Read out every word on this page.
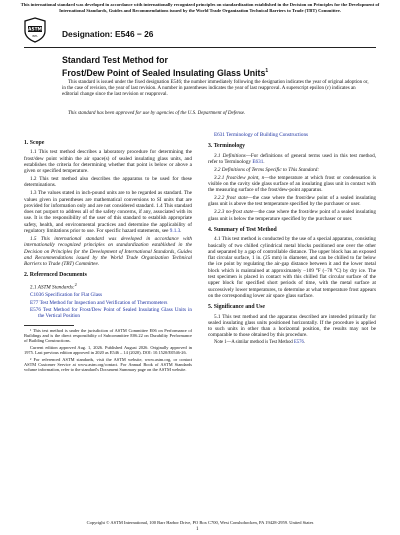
This international standard was developed in accordance with internationally recognized principles on standardization established in the Decision on Principles for the Development of International Standards, Guides and Recommendations issued by the World Trade Organization Technical Barriers to Trade (TBT) Committee.
ASTM
INTL	Designation: E546 − 26
Standard Test Method for
Frost/Dew Point of Sealed Insulating Glass Units$^1$
This standard is issued under the fixed designation E546; the number immediately following the designation indicates the year of original adoption or, in the case of revision, the year of last revision. A number in parentheses indicates the year of last reapproval. A superscript epsilon (ε) indicates an editorial change since the last revision or reapproval.
This standard has been approved for use by agencies of the U.S. Department of Defense.
1. Scope

1.1 This test method describes a laboratory procedure for determining the frost/dew point within the air space(s) of sealed insulating glass units, and establishes the criteria for determining whether that point is below or above a given or specified temperature.

1.2 This test method also describes the apparatus to be used for these determinations.

1.3 The values stated in inch-pound units are to be regarded as standard. The values given in parentheses are mathematical conversions to SI units that are provided for information only and are not considered standard. 1.4 This standard does not purport to address all of the safety concerns, if any, associated with its use. It is the responsibility of the user of this standard to establish appropriate safety, health, and environmental practices and determine the applicability of regulatory limitations prior to use. For specific hazard statements, see 9.1.3.

1.5 This international standard was developed in accordance with internationally recognized principles on standardization established in the Decision on Principles for the Development of International Standards, Guides and Recommendations issued by the World Trade Organization Technical Barriers to Trade (TBT) Committee.

2. Referenced Documents

2.1 ASTM Standards:$^2$

C1036 Specification for Flat Glass

E77 Test Method for Inspection and Verification of Thermometers

E576 Test Method for Frost/Dew Point of Sealed Insulating Glass Units in the Vertical Position

¹ This test method is under the jurisdiction of ASTM Committee E06 on Performance of Buildings and is the direct responsibility of Subcommittee E06.22 on Durability Performance of Building Constructions.

Current edition approved Aug. 1, 2026. Published August 2026. Originally approved in 1975. Last previous edition approved in 2020 as E546 – 14 (2020). DOI: 10.1520/E0546-26.

² For referenced ASTM standards, visit the ASTM website, www.astm.org, or contact ASTM Customer Service at www.astm.org/contact. For Annual Book of ASTM Standards volume information, refer to the standard's Document Summary page on the ASTM website.

E631 Terminology of Building Constructions

3. Terminology

3.1 Definitions—For definitions of general terms used in this test method, refer to Terminology E631.

3.2 Definitions of Terms Specific to This Standard:

3.2.1 frost/dew point, n—the temperature at which frost or condensation is visible on the cavity side glass surface of an insulating glass unit in contact with the measuring surface of the frost/dew-point apparatus.

3.2.2 frost state—the case where the frost/dew point of a sealed insulating glass unit is above the test temperature specified by the purchaser or user.

3.2.3 no-frost state—the case where the frost/dew point of a sealed insulating glass unit is below the temperature specified by the purchaser or user.

4. Summary of Test Method

4.1 This test method is conducted by the use of a special apparatus, consisting basically of two chilled cylindrical metal blocks positioned one over the other and separated by a gap of controllable distance. The upper block has an exposed flat circular surface, 1 in. (25 mm) in diameter, and can be chilled to far below the ice point by regulating the air-gap distance between it and the lower metal block which is maintained at approximately −109 °F (−78 °C) by dry ice. The test specimen is placed in contact with this chilled flat circular surface of the upper block for specified short periods of time, with the metal surface at successively lower temperatures, to determine at what temperature frost appears on the corresponding lower air space glass surface.

5. Significance and Use

5.1 This test method and the apparatus described are intended primarily for sealed insulating glass units positioned horizontally. If the procedure is applied to such units in other than a horizontal position, the results may not be comparable to those obtained by this procedure.

Note 1—A similar method is Test Method E576.

Copyright © ASTM International, 100 Barr Harbor Drive, PO Box C700, West Conshohocken, PA 19428-2959. United States
1
